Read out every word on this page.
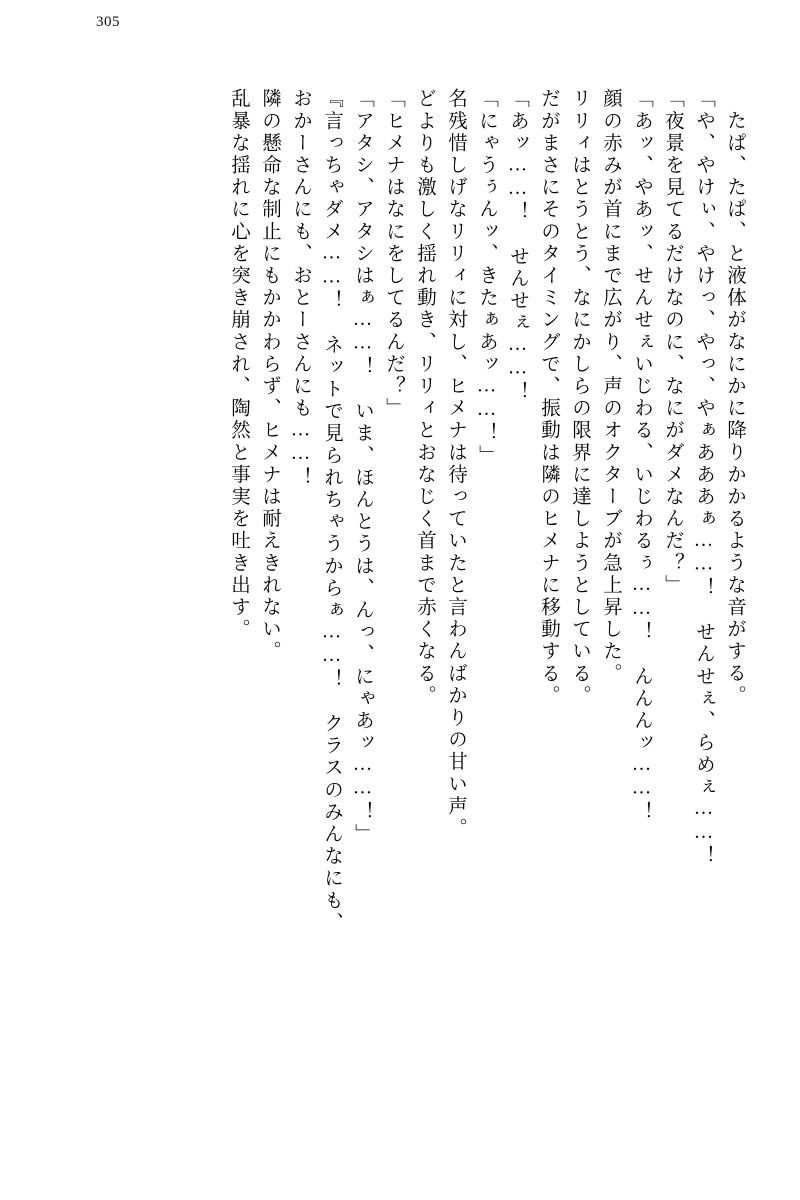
305
たぱ、たぱ、と液体がなにかに降りかかるような音がする。
「や、やけぃ、やけっ、やっ、やぁあああぁ……！　せんせぇ、らめぇ……！
「夜景を見てるだけなのに、なにがダメなんだ？」
「あッ、やあッ、せんせぇいじわる、いじわるぅ……！　んんんッ……！
顔の赤みが首にまで広がり、声のオクターブが急上昇した。
リリィはとうとう、なにかしらの限界に達しようとしている。
だがまさにそのタイミングで、振動は隣のヒメナに移動する。
「あッ……！　せんせぇ……！
「にゃうぅんッ、きたぁあッ……！」
名残惜しげなリリィに対し、ヒメナは待っていたと言わんばかりの甘い声。
どよりも激しく揺れ動き、リリィとおなじく首まで赤くなる。
「ヒメナはなにをしてるんだ？」
「アタシ、アタシはぁ……！　いま、ほんとうは、んっ、にゃあッ……！」
『言っちゃダメ……！　ネットで見られちゃうからぁ……！　クラスのみんなにも、
おかーさんにも、おとーさんにも……！
隣の懸命な制止にもかかわらず、ヒメナは耐えきれない。
乱暴な揺れに心を突き崩され、陶然と事実を吐き出す。
